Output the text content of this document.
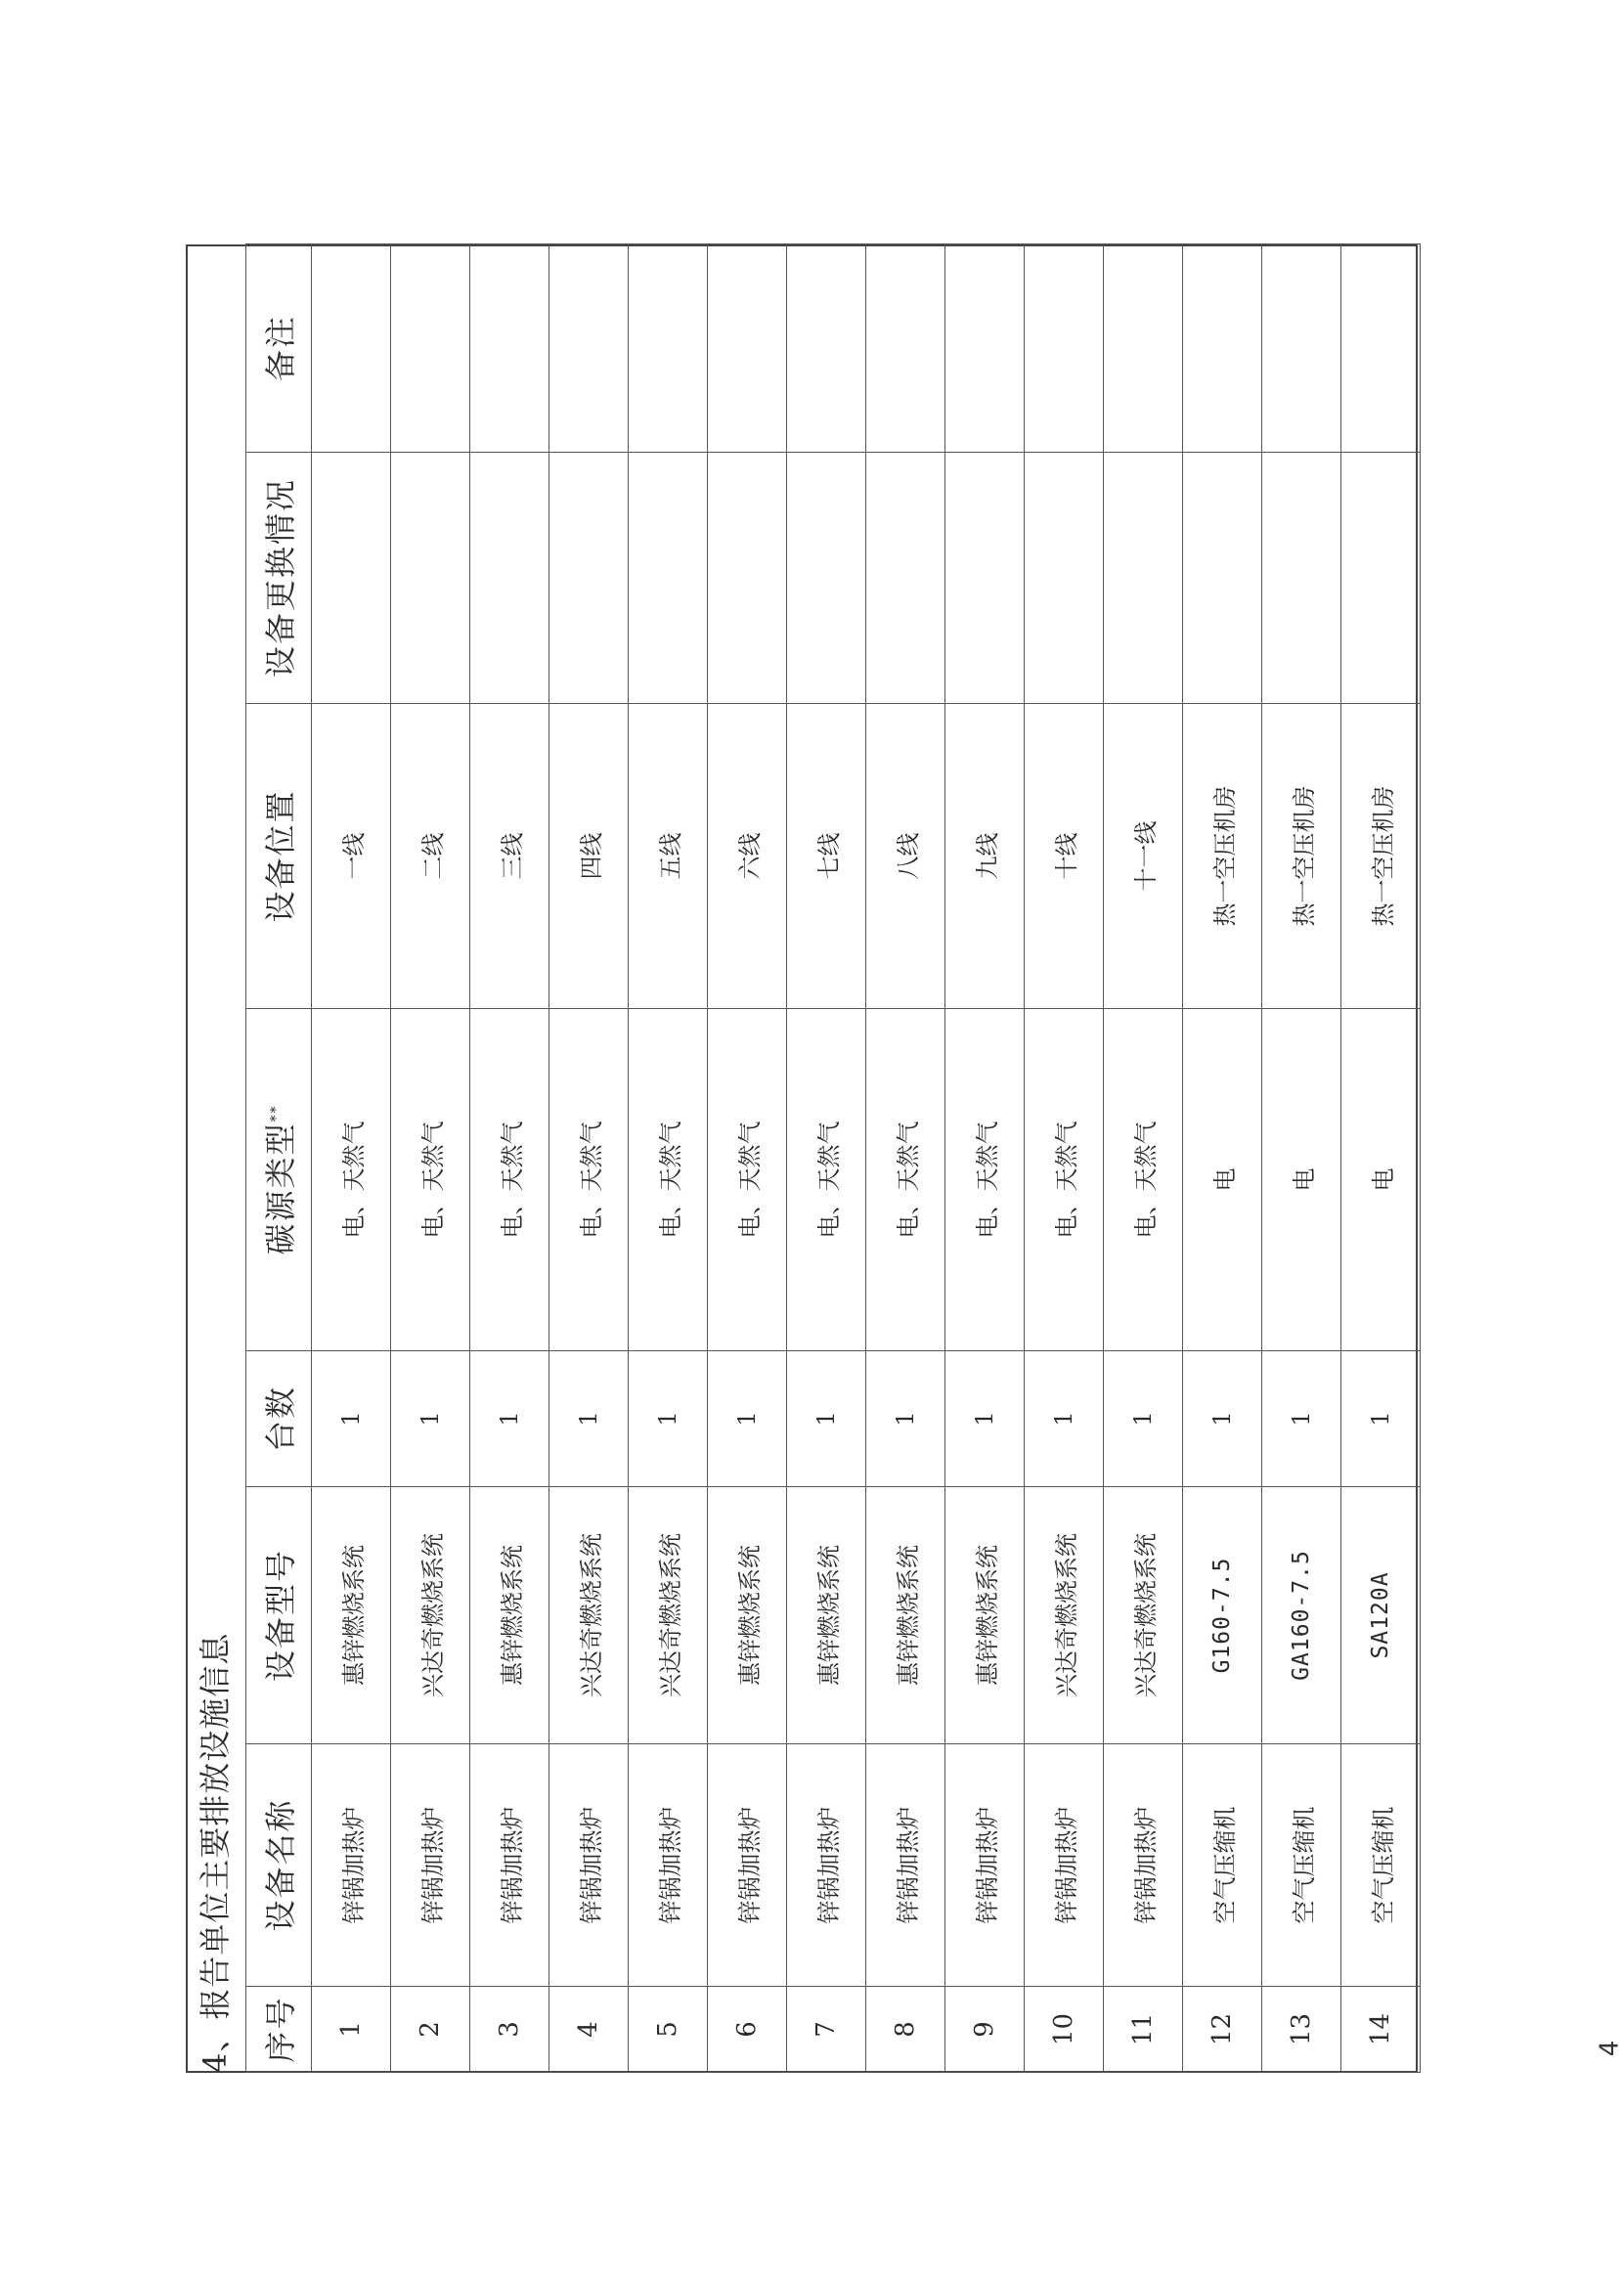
4、报告单位主要排放设施信息 序号	设备名称	设备型号	台数	碳源类型**	设备位置	设备更换情况	备注
1	锌锅加热炉	惠锌燃烧系统	1	电、天然气	一线		
2	锌锅加热炉	兴达奇燃烧系统	1	电、天然气	二线		
3	锌锅加热炉	惠锌燃烧系统	1	电、天然气	三线		
4	锌锅加热炉	兴达奇燃烧系统	1	电、天然气	四线		
5	锌锅加热炉	兴达奇燃烧系统	1	电、天然气	五线		
6	锌锅加热炉	惠锌燃烧系统	1	电、天然气	六线		
7	锌锅加热炉	惠锌燃烧系统	1	电、天然气	七线		
8	锌锅加热炉	惠锌燃烧系统	1	电、天然气	八线		
9	锌锅加热炉	惠锌燃烧系统	1	电、天然气	九线		
10	锌锅加热炉	兴达奇燃烧系统	1	电、天然气	十线		
11	锌锅加热炉	兴达奇燃烧系统	1	电、天然气	十一线		
12	空气压缩机	G160-7.5	1	电	热一空压机房		
13	空气压缩机	GA160-7.5	1	电	热一空压机房		
14	空气压缩机	SA120A	1	电	热一空压机房		
4
